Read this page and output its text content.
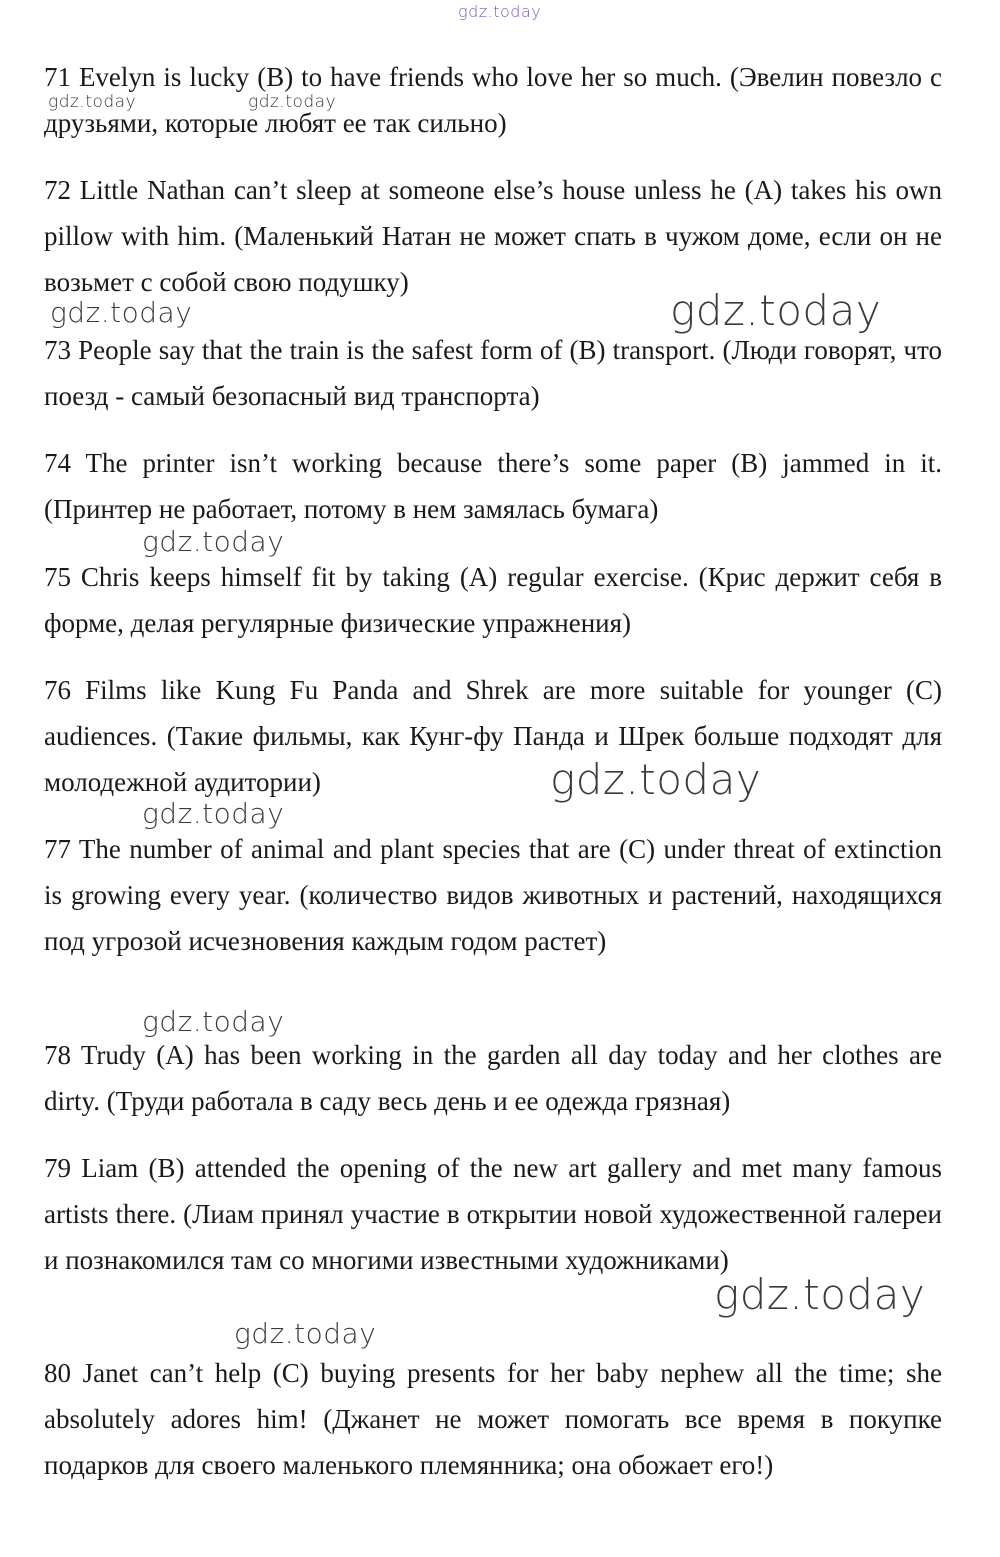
gdz.today
gdz.today	gdz.today
gdz.today	gdz.today
gdz.today
gdz.today
gdz.today
gdz.today
gdz.today
gdz.today

71 Evelyn is lucky (B) to have friends who love her so much. (Эвелин повезло с друзьями, которые любят ее так сильно)

72 Little Nathan can’t sleep at someone else’s house unless he (A) takes his own pillow with him. (Маленький Натан не может спать в чужом доме, если он не возьмет с собой свою подушку)

73 People say that the train is the safest form of (B) transport. (Люди говорят, что поезд - самый безопасный вид транспорта)

74 The printer isn’t working because there’s some paper (B) jammed in it. (Принтер не работает, потому в нем замялась бумага)

75 Chris keeps himself fit by taking (A) regular exercise. (Крис держит себя в форме, делая регулярные физические упражнения)

76 Films like Kung Fu Panda and Shrek are more suitable for younger (C) audiences. (Такие фильмы, как Кунг-фу Панда и Шрек больше подходят для молодежной аудитории)

77 The number of animal and plant species that are (C) under threat of extinction is growing every year. (количество видов животных и растений, находящихся под угрозой исчезновения каждым годом растет)

78 Trudy (A) has been working in the garden all day today and her clothes are dirty. (Труди работала в саду весь день и ее одежда грязная)

79 Liam (B) attended the opening of the new art gallery and met many famous artists there. (Лиам принял участие в открытии новой художественной галереи и познакомился там со многими известными художниками)

80 Janet can’t help (C) buying presents for her baby nephew all the time; she absolutely adores him! (Джанет не может помогать все время в покупке подарков для своего маленького племянника; она обожает его!)
